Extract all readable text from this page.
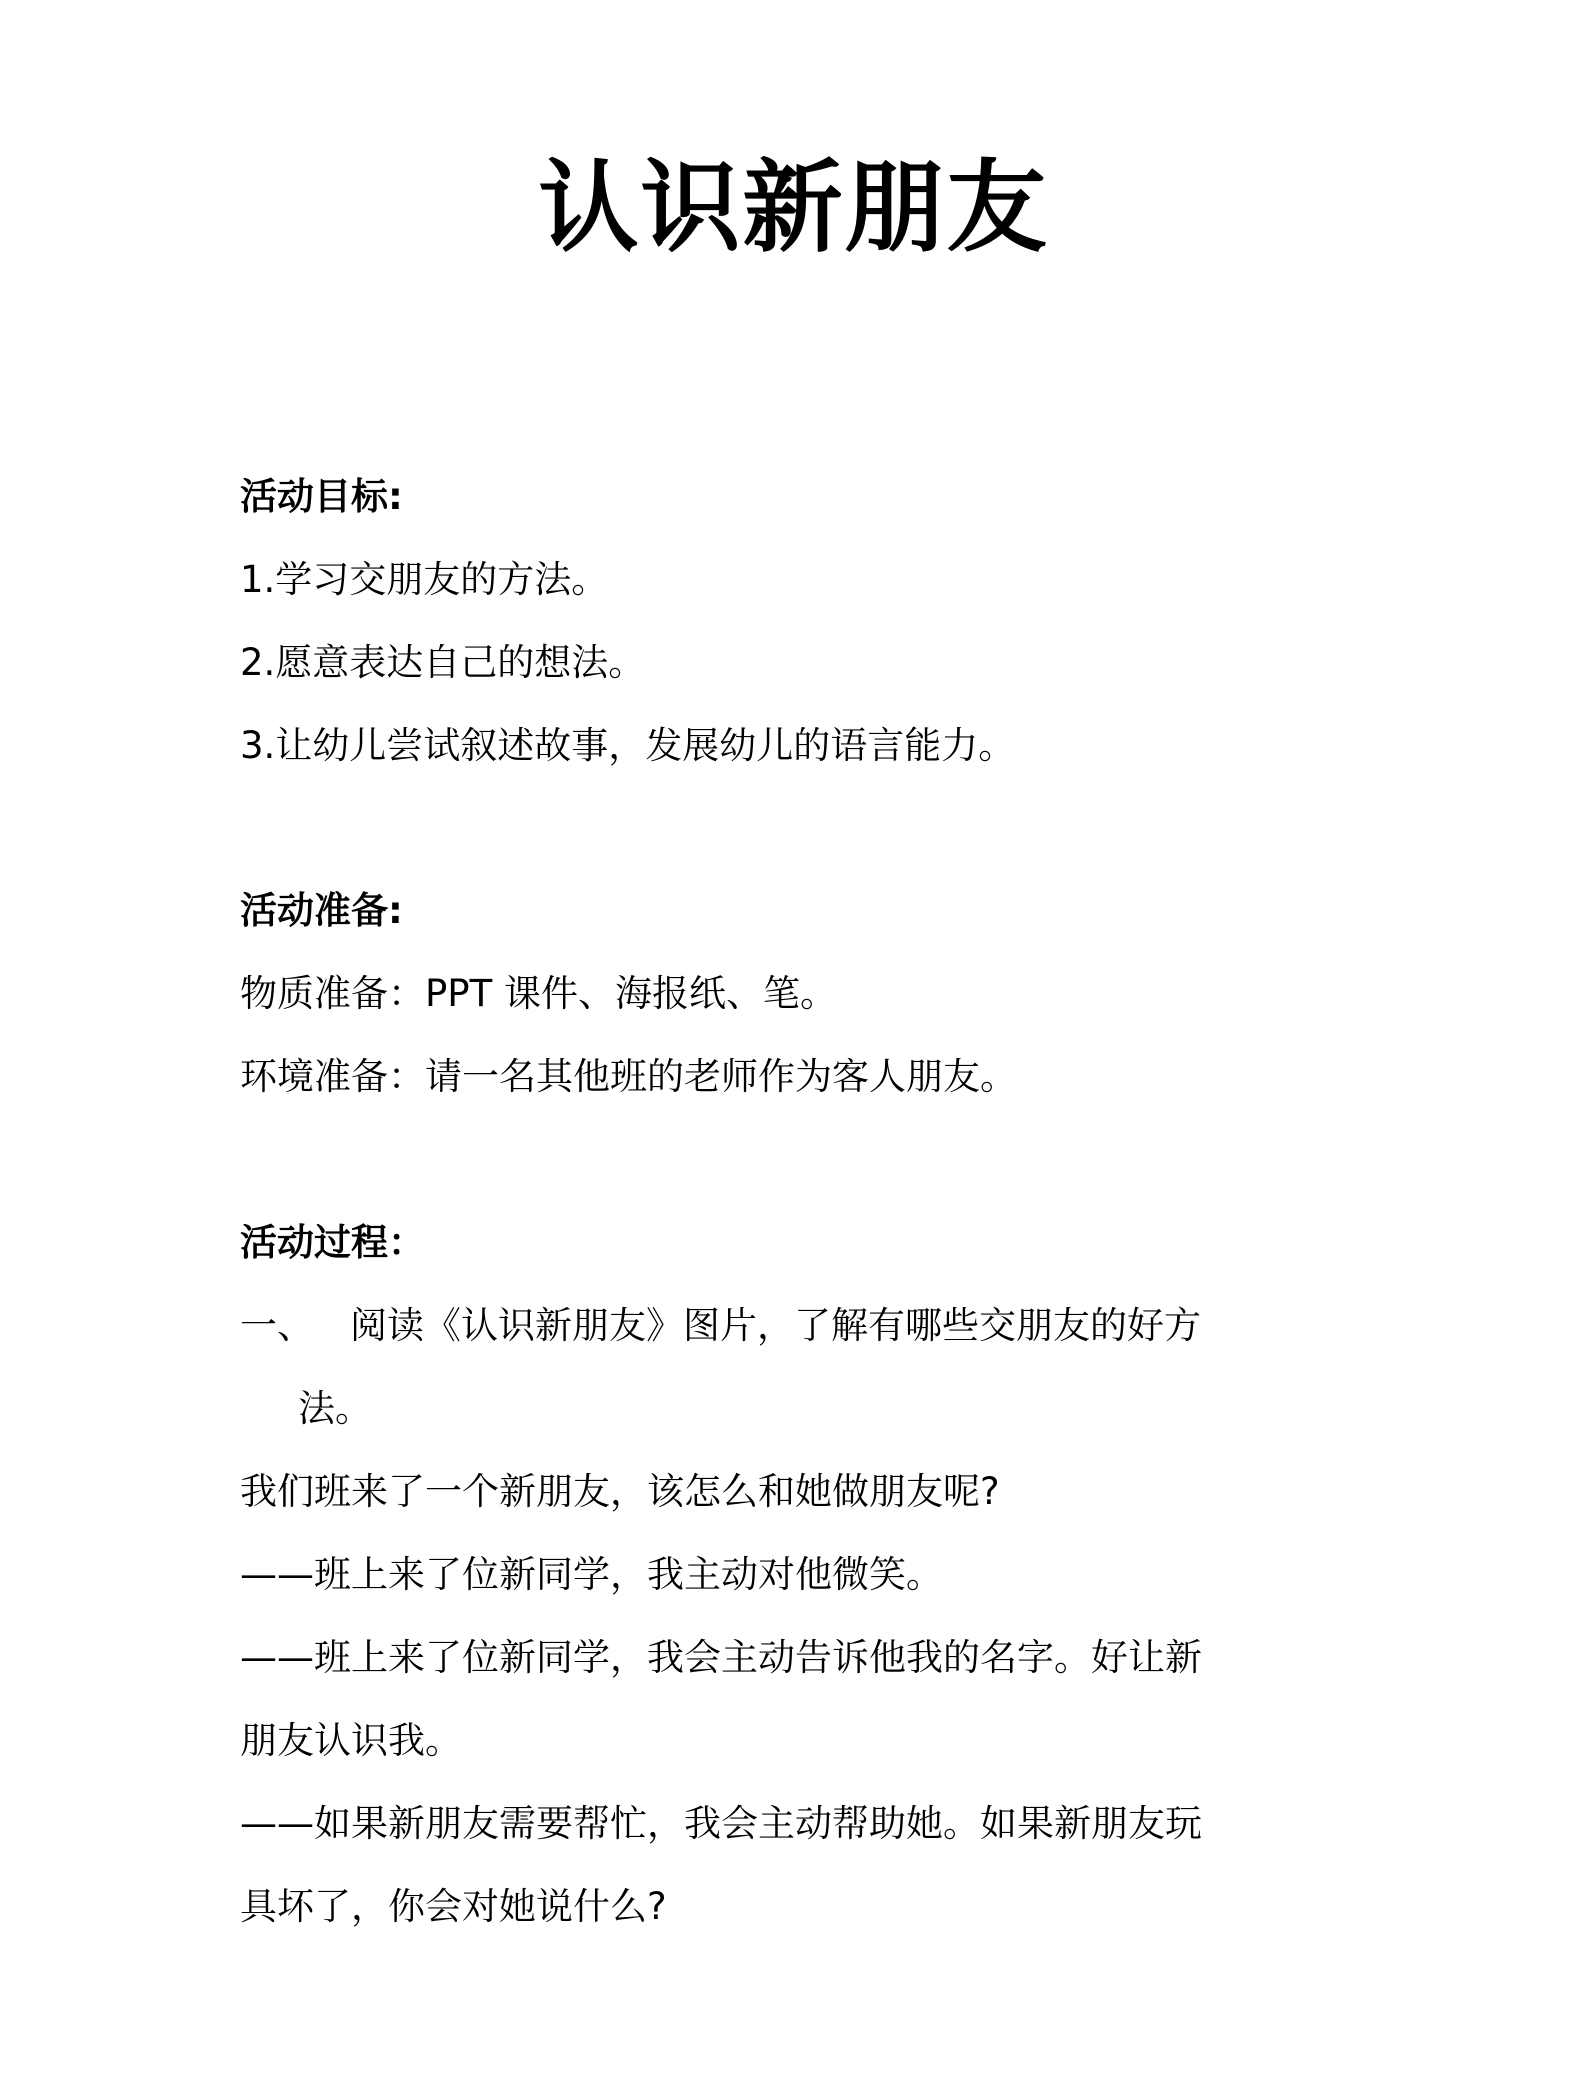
认识新朋友
活动目标:
1.学习交朋友的方法。
2.愿意表达自己的想法。
3.让幼儿尝试叙述故事，发展幼儿的语言能力。
活动准备:
物质准备：PPT 课件、海报纸、笔。
环境准备：请一名其他班的老师作为客人朋友。
活动过程：
一、 阅读《认识新朋友》图片，了解有哪些交朋友的好方
法。
我们班来了一个新朋友，该怎么和她做朋友呢?
——班上来了位新同学，我主动对他微笑。
——班上来了位新同学，我会主动告诉他我的名字。好让新
朋友认识我。
——如果新朋友需要帮忙，我会主动帮助她。如果新朋友玩
具坏了，你会对她说什么?
